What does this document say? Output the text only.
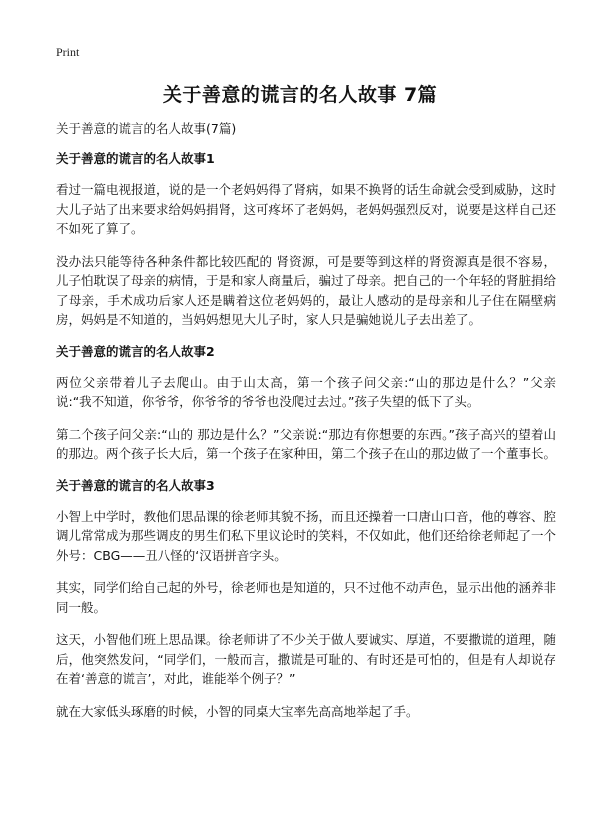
Print
关于善意的谎言的名人故事 7篇

关于善意的谎言的名人故事(7篇)

关于善意的谎言的名人故事1

看过一篇电视报道，说的是一个老妈妈得了肾病，如果不换肾的话生命就会受到威胁，这时大儿子站了出来要求给妈妈捐肾，这可疼坏了老妈妈，老妈妈强烈反对，说要是这样自己还不如死了算了。

没办法只能等待各种条件都比较匹配的 肾资源，可是要等到这样的肾资源真是很不容易，儿子怕耽误了母亲的病情，于是和家人商量后，骗过了母亲。把自己的一个年轻的肾脏捐给了母亲，手术成功后家人还是瞒着这位老妈妈的，最让人感动的是母亲和儿子住在隔壁病房，妈妈是不知道的，当妈妈想见大儿子时，家人只是骗她说儿子去出差了。

关于善意的谎言的名人故事2

两位父亲带着儿子去爬山。由于山太高，第一个孩子问父亲:“山的那边是什么？”父亲说:“我不知道，你爷爷，你爷爷的爷爷也没爬过去过。”孩子失望的低下了头。

第二个孩子问父亲:“山的 那边是什么？”父亲说:“那边有你想要的东西。”孩子高兴的望着山的那边。两个孩子长大后，第一个孩子在家种田，第二个孩子在山的那边做了一个董事长。

关于善意的谎言的名人故事3

小智上中学时，教他们思品课的徐老师其貌不扬，而且还操着一口唐山口音，他的尊容、腔调儿常常成为那些调皮的男生们私下里议论时的笑料，不仅如此，他们还给徐老师起了一个外号：CBG——丑八怪的‘汉语拼音字头。

其实，同学们给自己起的外号，徐老师也是知道的，只不过他不动声色，显示出他的涵养非同一般。

这天，小智他们班上思品课。徐老师讲了不少关于做人要诚实、厚道，不要撒谎的道理，随后，他突然发问，“同学们，一般而言，撒谎是可耻的、有时还是可怕的，但是有人却说存在着‘善意的谎言’，对此，谁能举个例子？”

就在大家低头琢磨的时候，小智的同桌大宝率先高高地举起了手。
